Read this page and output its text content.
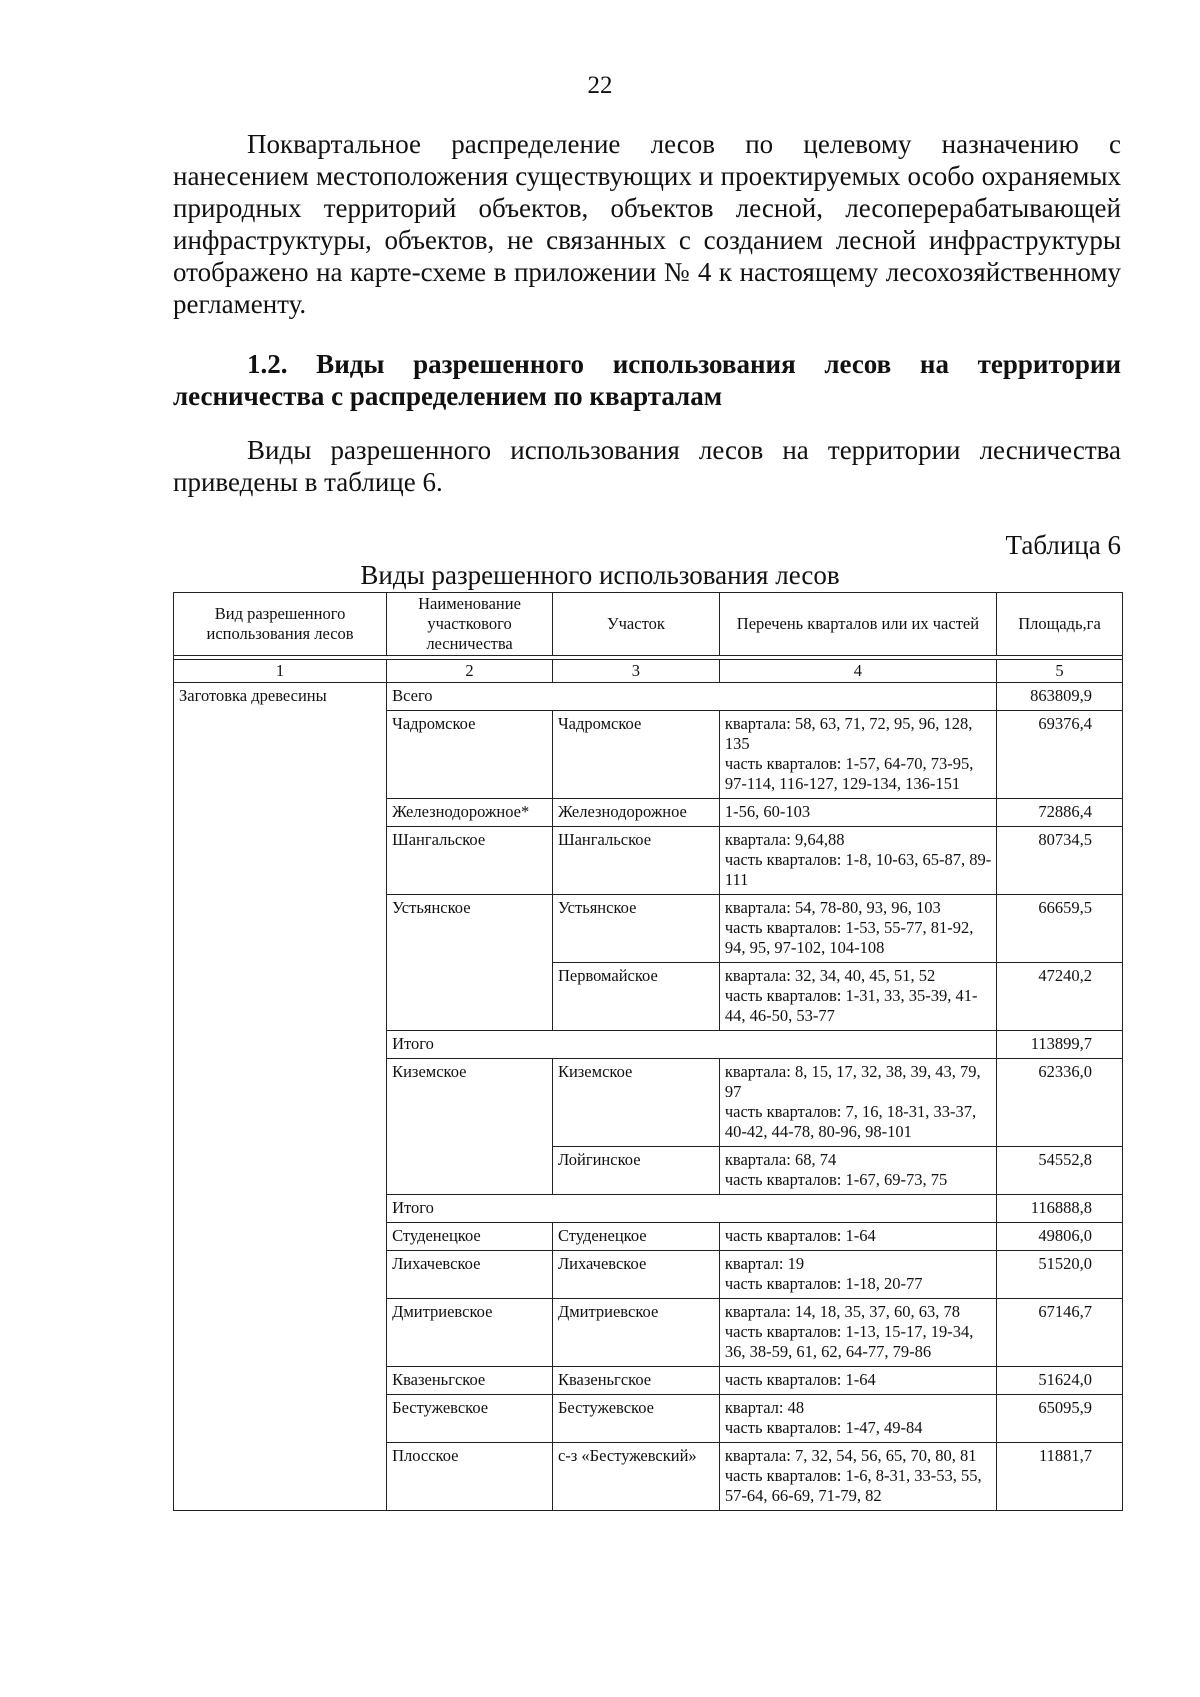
22

Поквартальное распределение лесов по целевому назначению с нанесением местоположения существующих и проектируемых особо охраняемых природных территорий объектов, объектов лесной, лесоперерабатывающей инфраструктуры, объектов, не связанных с созданием лесной инфраструктуры отображено на карте-схеме в приложении № 4 к настоящему лесохозяйственному регламенту.

1.2. Виды разрешенного использования лесов на территории лесничества с распределением по кварталам

Виды разрешенного использования лесов на территории лесничества приведены в таблице 6.

Таблица 6
Виды разрешенного использования лесов
Вид разрешенного использования лесов	Наименование участкового лесничества	Участок	Перечень кварталов или их частей	Площадь,га

1	2	3	4	5
Заготовка древесины	Всего			863809,9
	Чадромское	Чадромское	квартала: 58, 63, 71, 72, 95, 96, 128, 135
часть кварталов: 1-57, 64-70, 73-95, 97-114, 116-127, 129-134, 136-151	69376,4
	Железнодорожное*	Железнодорожное	1-56, 60-103	72886,4
	Шангальское	Шангальское	квартала: 9,64,88
часть кварталов: 1-8, 10-63, 65-87, 89-111	80734,5
	Устьянское	Устьянское	квартала: 54, 78-80, 93, 96, 103
часть кварталов: 1-53, 55-77, 81-92, 94, 95, 97-102, 104-108	66659,5
		Первомайское	квартала: 32, 34, 40, 45, 51, 52
часть кварталов: 1-31, 33, 35-39, 41-44, 46-50, 53-77	47240,2
	Итого			113899,7
	Киземское	Киземское	квартала: 8, 15, 17, 32, 38, 39, 43, 79, 97
часть кварталов: 7, 16, 18-31, 33-37, 40-42, 44-78, 80-96, 98-101	62336,0
		Лойгинское	квартала: 68, 74
часть кварталов: 1-67, 69-73, 75	54552,8
	Итого			116888,8
	Студенецкое	Студенецкое	часть кварталов: 1-64	49806,0
	Лихачевское	Лихачевское	квартал: 19
часть кварталов: 1-18, 20-77	51520,0
	Дмитриевское	Дмитриевское	квартала: 14, 18, 35, 37, 60, 63, 78
часть кварталов: 1-13, 15-17, 19-34, 36, 38-59, 61, 62, 64-77, 79-86	67146,7
	Квазеньгское	Квазеньгское	часть кварталов: 1-64	51624,0
	Бестужевское	Бестужевское	квартал: 48
часть кварталов: 1-47, 49-84	65095,9
	Плосское	с-з «Бестужевский»	квартала: 7, 32, 54, 56, 65, 70, 80, 81
часть кварталов: 1-6, 8-31, 33-53, 55, 57-64, 66-69, 71-79, 82	11881,7
